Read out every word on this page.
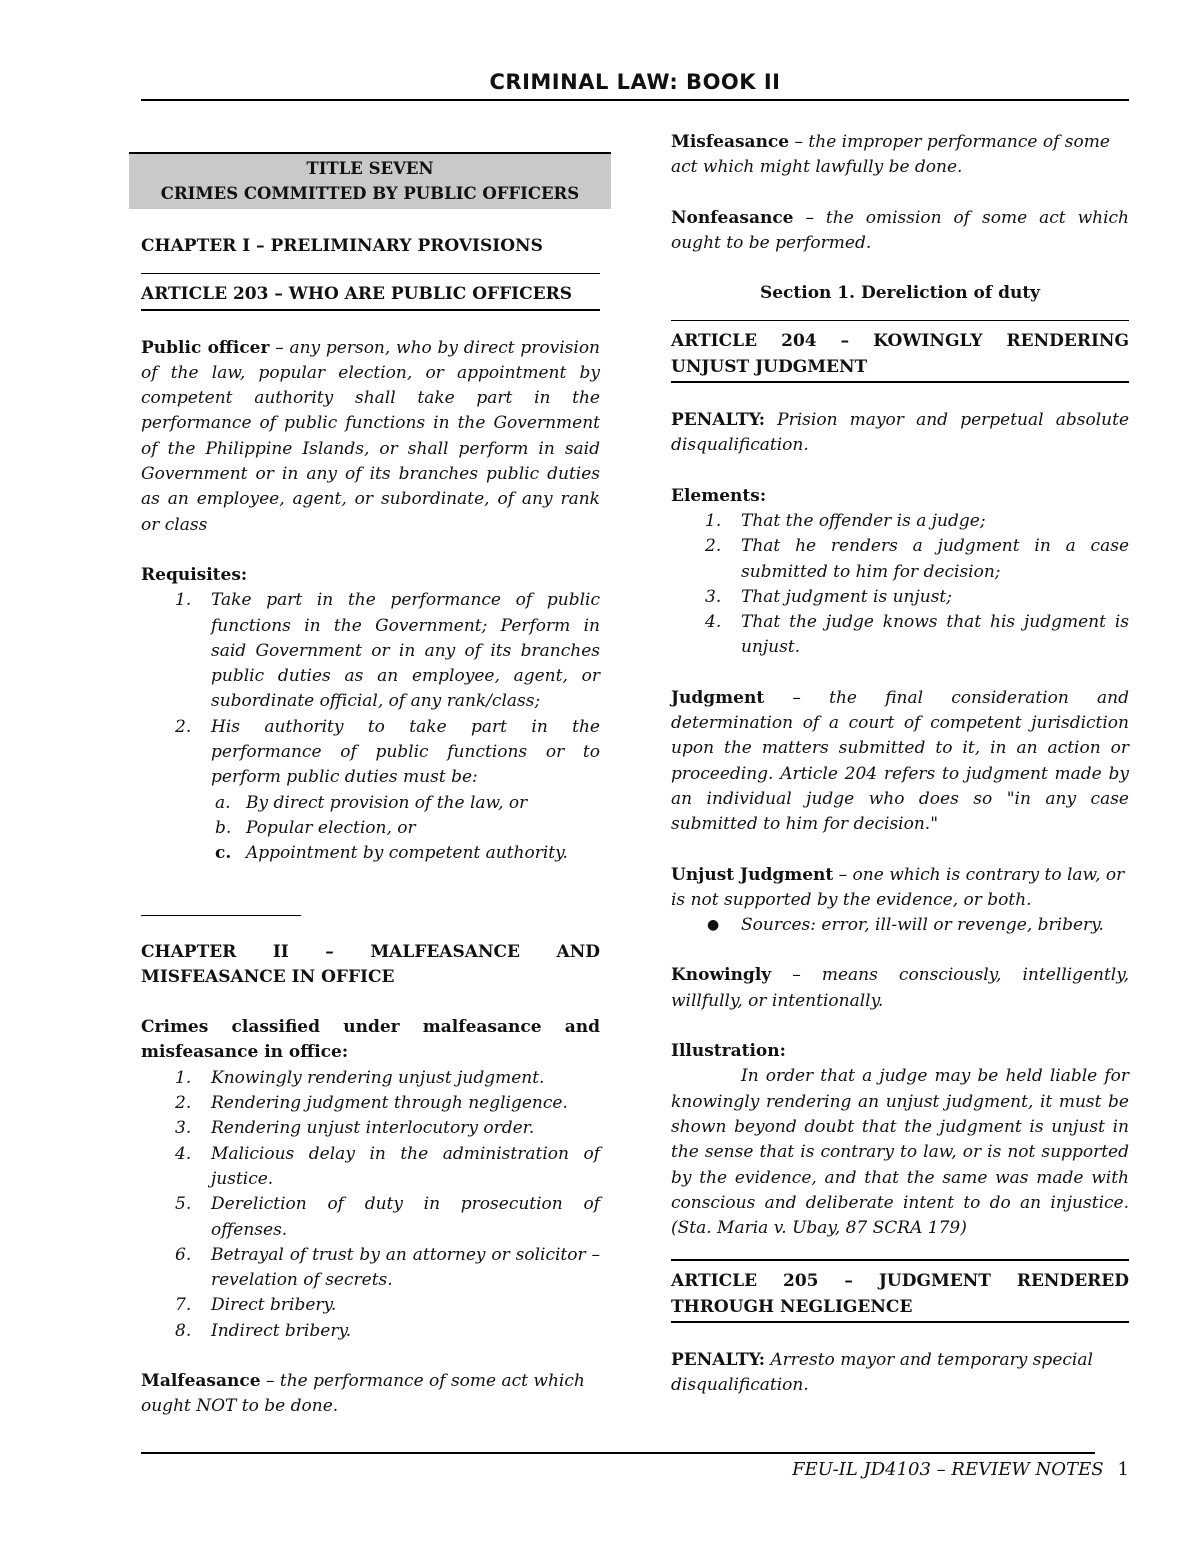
CRIMINAL LAW: BOOK II
TITLE SEVEN
CRIMES COMMITTED BY PUBLIC OFFICERS

CHAPTER I – PRELIMINARY PROVISIONS

ARTICLE 203 – WHO ARE PUBLIC OFFICERS

Public officer – any person, who by direct provision of the law, popular election, or appointment by competent authority shall take part in the performance of public functions in the Government of the Philippine Islands, or shall perform in said Government or in any of its branches public duties as an employee, agent, or subordinate, of any rank or class

Requisites:

1. Take part in the performance of public functions in the Government; Perform in said Government or in any of its branches public duties as an employee, agent, or subordinate official, of any rank/class;
2. His authority to take part in the performance of public functions or to perform public duties must be:
a. By direct provision of the law, or
b. Popular election, or
c. Appointment by competent authority.

CHAPTER II – MALFEASANCE AND MISFEASANCE IN OFFICE

Crimes classified under malfeasance and misfeasance in office:

1. Knowingly rendering unjust judgment.
2. Rendering judgment through negligence.
3. Rendering unjust interlocutory order.
4. Malicious delay in the administration of justice.
5. Dereliction of duty in prosecution of offenses.
6. Betrayal of trust by an attorney or solicitor – revelation of secrets.
7. Direct bribery.
8. Indirect bribery.

Malfeasance – the performance of some act which ought NOT to be done.

Misfeasance – the improper performance of some act which might lawfully be done.

Nonfeasance – the omission of some act which ought to be performed.

Section 1. Dereliction of duty

ARTICLE 204 – KOWINGLY RENDERING UNJUST JUDGMENT

PENALTY: Prision mayor and perpetual absolute disqualification.

Elements:

1. That the offender is a judge;
2. That he renders a judgment in a case submitted to him for decision;
3. That judgment is unjust;
4. That the judge knows that his judgment is unjust.

Judgment – the final consideration and determination of a court of competent jurisdiction upon the matters submitted to it, in an action or proceeding. Article 204 refers to judgment made by an individual judge who does so "in any case submitted to him for decision."

Unjust Judgment – one which is contrary to law, or is not supported by the evidence, or both.

● Sources: error, ill-will or revenge, bribery.

Knowingly – means consciously, intelligently, willfully, or intentionally.

Illustration:

In order that a judge may be held liable for knowingly rendering an unjust judgment, it must be shown beyond doubt that the judgment is unjust in the sense that is contrary to law, or is not supported by the evidence, and that the same was made with conscious and deliberate intent to do an injustice. (Sta. Maria v. Ubay, 87 SCRA 179)

ARTICLE 205 – JUDGMENT RENDERED THROUGH NEGLIGENCE

PENALTY: Arresto mayor and temporary special disqualification.

FEU-IL JD4103 – REVIEW NOTES 1
